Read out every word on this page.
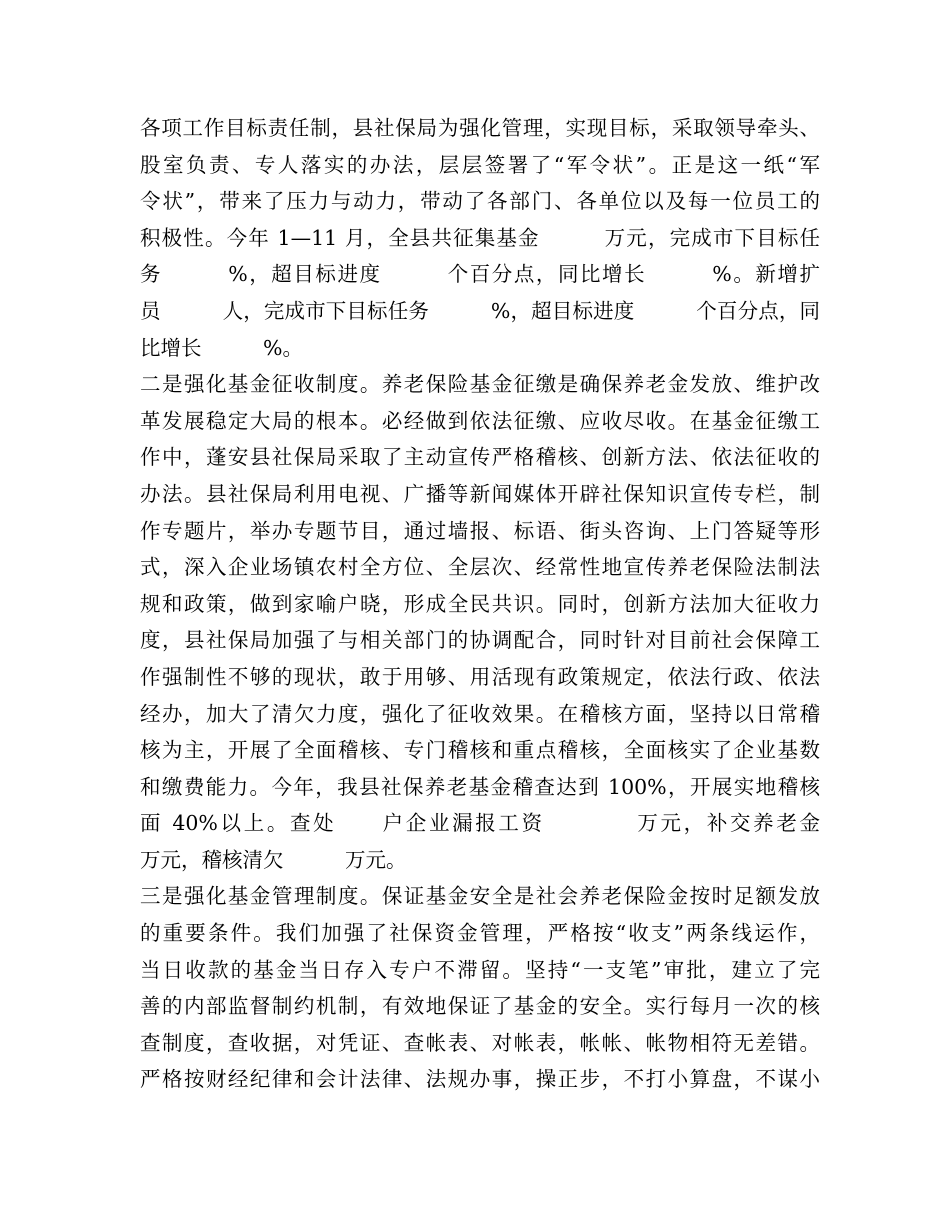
各项工作目标责任制，县社保局为强化管理，实现目标，采取领导牵头、
股室负责、专人落实的办法，层层签署了“军令状”。正是这一纸“军
令状”，带来了压力与动力，带动了各部门、各单位以及每一位员工的
积极性。今年 1—11 月，全县共征集基金　　　万元，完成市下目标任
务　　　%，超目标进度　　　个百分点，同比增长　　　%。新增扩
员　　　人，完成市下目标任务　　　%，超目标进度　　　个百分点，同
比增长　　　%。
二是强化基金征收制度。养老保险基金征缴是确保养老金发放、维护改
革发展稳定大局的根本。必经做到依法征缴、应收尽收。在基金征缴工
作中，蓬安县社保局采取了主动宣传严格稽核、创新方法、依法征收的
办法。县社保局利用电视、广播等新闻媒体开辟社保知识宣传专栏，制
作专题片，举办专题节目，通过墙报、标语、街头咨询、上门答疑等形
式，深入企业场镇农村全方位、全层次、经常性地宣传养老保险法制法
规和政策，做到家喻户晓，形成全民共识。同时，创新方法加大征收力
度，县社保局加强了与相关部门的协调配合，同时针对目前社会保障工
作强制性不够的现状，敢于用够、用活现有政策规定，依法行政、依法
经办，加大了清欠力度，强化了征收效果。在稽核方面，坚持以日常稽
核为主，开展了全面稽核、专门稽核和重点稽核，全面核实了企业基数
和缴费能力。今年，我县社保养老基金稽查达到 100%，开展实地稽核
面 40%以上。查处　　户企业漏报工资　　　　万元，补交养老金　　
万元，稽核清欠　　　万元。
三是强化基金管理制度。保证基金安全是社会养老保险金按时足额发放
的重要条件。我们加强了社保资金管理，严格按“收支”两条线运作，
当日收款的基金当日存入专户不滞留。坚持“一支笔”审批，建立了完
善的内部监督制约机制，有效地保证了基金的安全。实行每月一次的核
查制度，查收据，对凭证、查帐表、对帐表，帐帐、帐物相符无差错。
严格按财经纪律和会计法律、法规办事，操正步，不打小算盘，不谋小
